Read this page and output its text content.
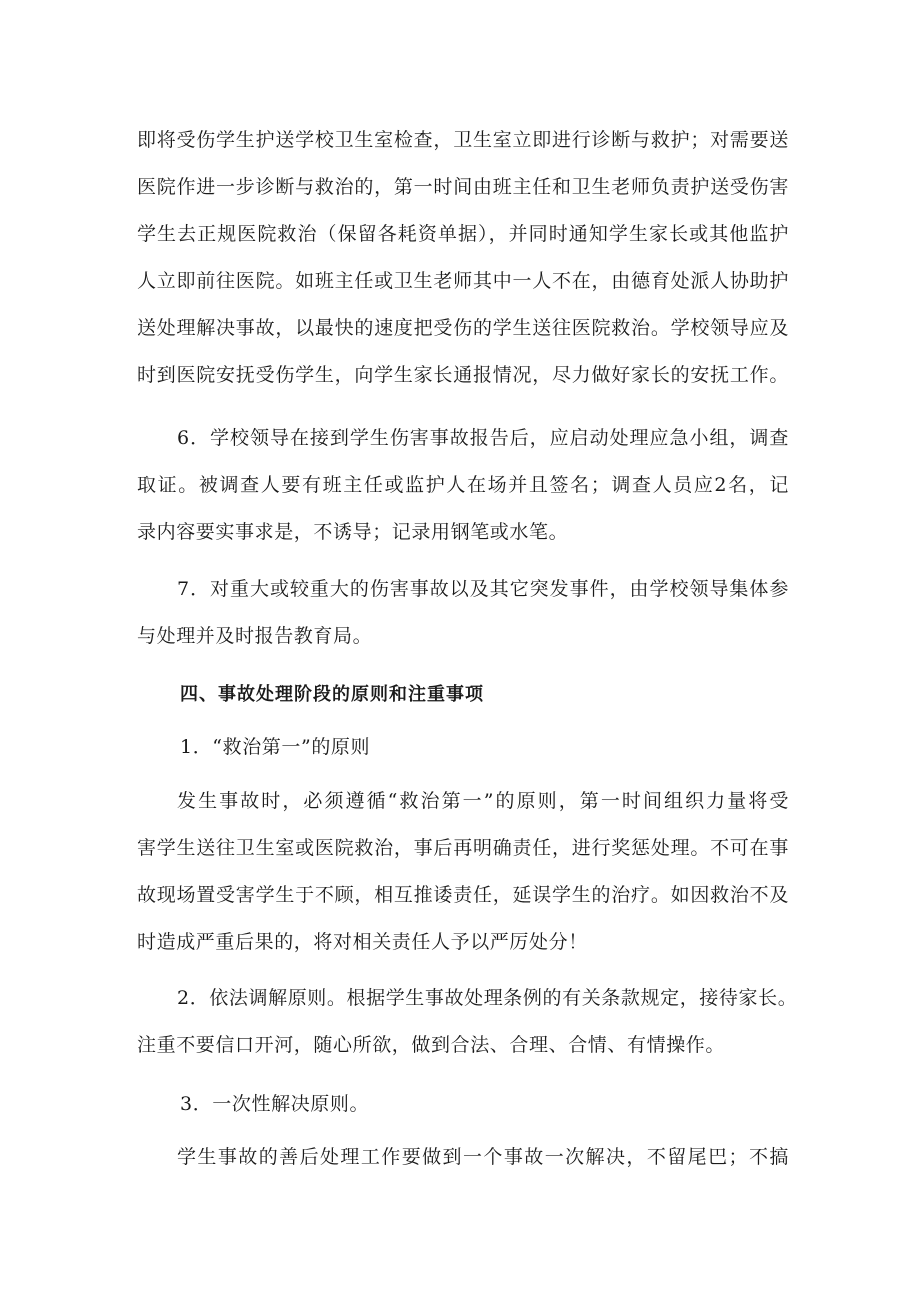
即将受伤学生护送学校卫生室检查，卫生室立即进行诊断与救护；对需要送
医院作进一步诊断与救治的，第一时间由班主任和卫生老师负责护送受伤害
学生去正规医院救治（保留各耗资单据），并同时通知学生家长或其他监护
人立即前往医院。如班主任或卫生老师其中一人不在，由德育处派人协助护
送处理解决事故，以最快的速度把受伤的学生送往医院救治。学校领导应及
时到医院安抚受伤学生，向学生家长通报情况，尽力做好家长的安抚工作。
6．学校领导在接到学生伤害事故报告后，应启动处理应急小组，调查
取证。被调查人要有班主任或监护人在场并且签名；调查人员应2名，记
录内容要实事求是，不诱导；记录用钢笔或水笔。
7．对重大或较重大的伤害事故以及其它突发事件，由学校领导集体参
与处理并及时报告教育局。
四、事故处理阶段的原则和注重事项
1．“救治第一”的原则
发生事故时，必须遵循“救治第一”的原则，第一时间组织力量将受
害学生送往卫生室或医院救治，事后再明确责任，进行奖惩处理。不可在事
故现场置受害学生于不顾，相互推诿责任，延误学生的治疗。如因救治不及
时造成严重后果的，将对相关责任人予以严厉处分！
2．依法调解原则。根据学生事故处理条例的有关条款规定，接待家长。
注重不要信口开河，随心所欲，做到合法、合理、合情、有情操作。
3．一次性解决原则。
学生事故的善后处理工作要做到一个事故一次解决，不留尾巴；不搞
